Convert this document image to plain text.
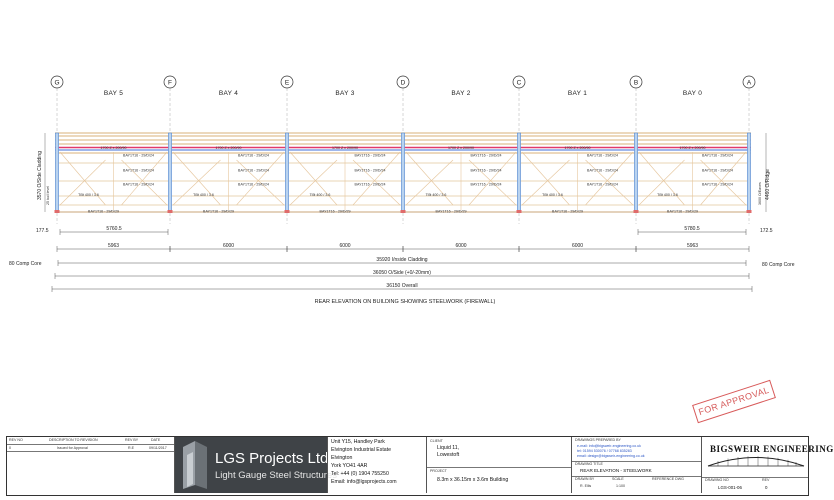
G	F	E	D	C	B	A
BAY 5	BAY 4	BAY 3	BAY 2	BAY 1	BAY 0
1700 Z x 200/90
BAY1T16 - 29/D/24
BAY1T16 - 29/D/24
BAY1T16 - 29/D/24
Ti5t 400 / 3.6
BAY1T16 - 29/D/29
1700 Z x 200/90
BAY1T16 - 29/D/24
BAY1T16 - 29/D/24
BAY1T16 - 29/D/24
Ti5t 400 / 3.6
BAY1T16 - 29/D/29
1700 Z x 200/90
BAY1T16 - 29/D/24
BAY1T16 - 29/D/24
BAY1T16 - 29/D/24
Ti5t 400 / 3.6
BAY1T16 - 29/D/29
1700 Z x 200/90
BAY1T16 - 29/D/24
BAY1T16 - 29/D/24
BAY1T16 - 29/D/24
Ti5t 400 / 3.6
BAY1T16 - 29/D/29
1700 Z x 200/90
BAY1T16 - 29/D/24
BAY1T16 - 29/D/24
BAY1T16 - 29/D/24
Ti5t 400 / 3.6
BAY1T16 - 29/D/29
1700 Z x 200/90
BAY1T16 - 29/D/24
BAY1T16 - 29/D/24
BAY1T16 - 29/D/24
Ti5t 400 / 3.6
BAY1T16 - 29/D/29
3570 O/Side Cladding 25 buil level	4460 O/Ridge
3600 O/Eaves
177.5	172.5
5760.5	5780.5
5963	6000	6000	6000	6000	5963
80 Comp Core	80 Comp Core
35920 I/nside Cladding
36050 O/Side (+0/-20mm)
36150 Overall
REAR ELEVATION ON BUILDING SHOWING STEELWORK (FIREWALL)
FOR APPROVAL
REV NO	DESCRIPTION TO REVISION	REV BY	DATE
0	Issued for Approval	R.E	09/11/2017
LGS Projects Ltd
Light Gauge Steel Structures
Unit Y15, Handley Park
Elvington Industrial Estate
Elvington
York YO41 4AR
Tel: +44 (0) 1904 755250
Email: info@lgsprojects.com
CLIENT
Liquid 11,
Lowestoft
PROJECT
8.3m x 36.15m x 3.6m Building
DRAWINGS PREPARED BY
e-mail: info@bigsweir-engineering.co.uk
tel: 01594 530076 / 07768 835283
email: design@bigsweir-engineering.co.uk
DRAWING TITLE
REAR ELEVATION - STEELWORK
DRAWN BY	SCALE	REFERENCE DWG
R. Ellis	1:100
BIGSWEIR ENGINEERING
DRAWING NO	REV
LGS-001-06	0
